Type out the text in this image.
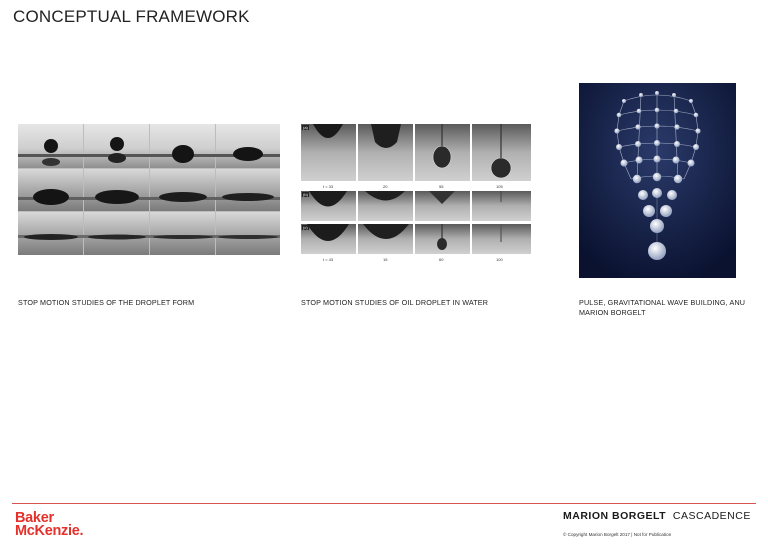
CONCEPTUAL FRAMEWORK
STOP MOTION STUDIES OF THE DROPLET FORM
(a)
(b)
(c)
t = 33	20	55	105
t = 43	15	60	100
STOP MOTION STUDIES OF OIL DROPLET IN WATER	PULSE, GRAVITATIONAL WAVE BUILDING, ANU MARION BORGELT
Baker
McKenzie.
MARION BORGELT CASCADENCE
© Copyright Marion Borgelt 2017 | Not for Publication
